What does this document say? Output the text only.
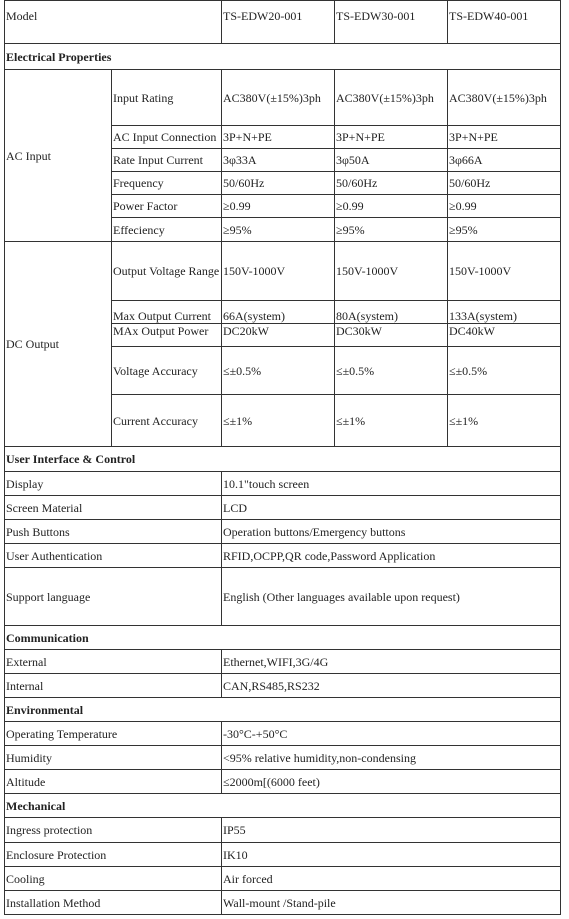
Model		TS-EDW20-001	TS-EDW30-001	TS-EDW40-001
Electrical Properties				
AC Input	Input Rating	AC380V(±15%)3ph	AC380V(±15%)3ph	AC380V(±15%)3ph
	AC Input Connection	3P+N+PE	3P+N+PE	3P+N+PE
	Rate Input Current	3φ33A	3φ50A	3φ66A
	Frequency	50/60Hz	50/60Hz	50/60Hz
	Power Factor	≥0.99	≥0.99	≥0.99
	Effeciency	≥95%	≥95%	≥95%
DC Output	Output Voltage Range	150V-1000V	150V-1000V	150V-1000V
	Max Output Current	66A(system)	80A(system)	133A(system)
	MAx Output Power	DC20kW	DC30kW	DC40kW
	Voltage Accuracy	≤±0.5%	≤±0.5%	≤±0.5%
	Current Accuracy	≤±1%	≤±1%	≤±1%
User Interface & Control				
Display		10.1"touch screen		
Screen Material		LCD		
Push Buttons		Operation buttons/Emergency buttons		
User Authentication		RFID,OCPP,QR code,Password Application		
Support language		English (Other languages available upon request)		
Communication				
External		Ethernet,WIFI,3G/4G		
Internal		CAN,RS485,RS232		
Environmental				
Operating Temperature		-30°C-+50°C		
Humidity		<95% relative humidity,non-condensing		
Altitude		≤2000m[(6000 feet)		
Mechanical				
Ingress protection		IP55		
Enclosure Protection		IK10		
Cooling		Air forced		
Installation Method		Wall-mount /Stand-pile		
